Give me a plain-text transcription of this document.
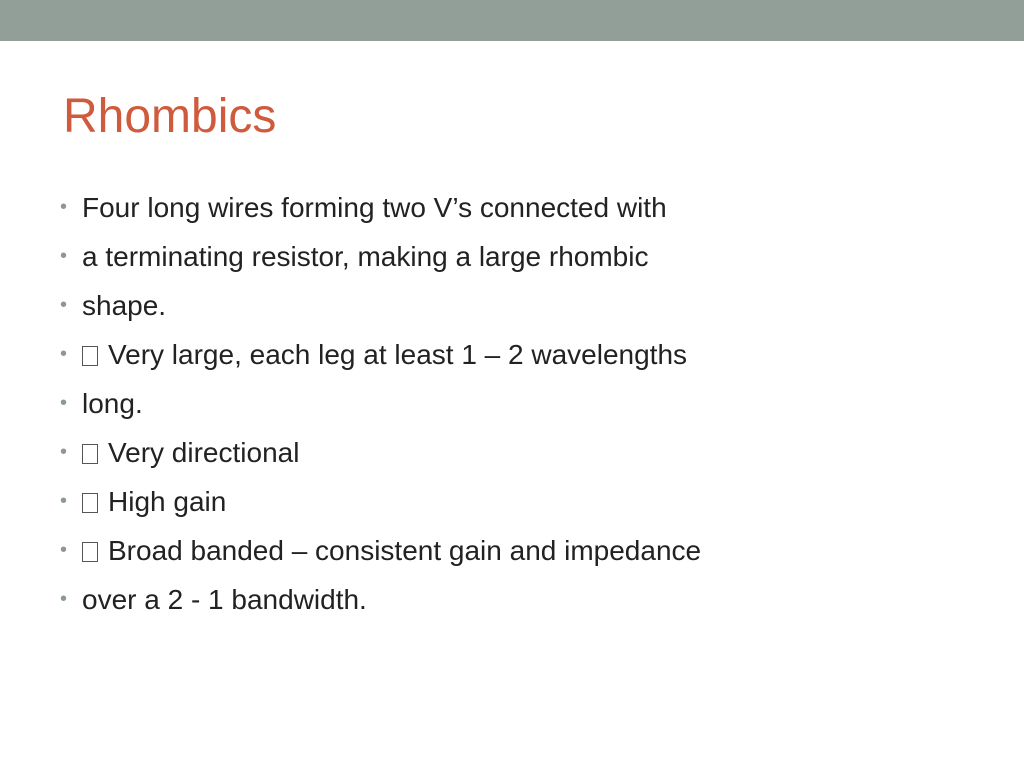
Rhombics
• Four long wires forming two V’s connected with
• a terminating resistor, making a large rhombic
• shape.
• Very large, each leg at least 1 – 2 wavelengths
• long.
• Very directional
• High gain
• Broad banded – consistent gain and impedance
• over a 2 - 1 bandwidth.
